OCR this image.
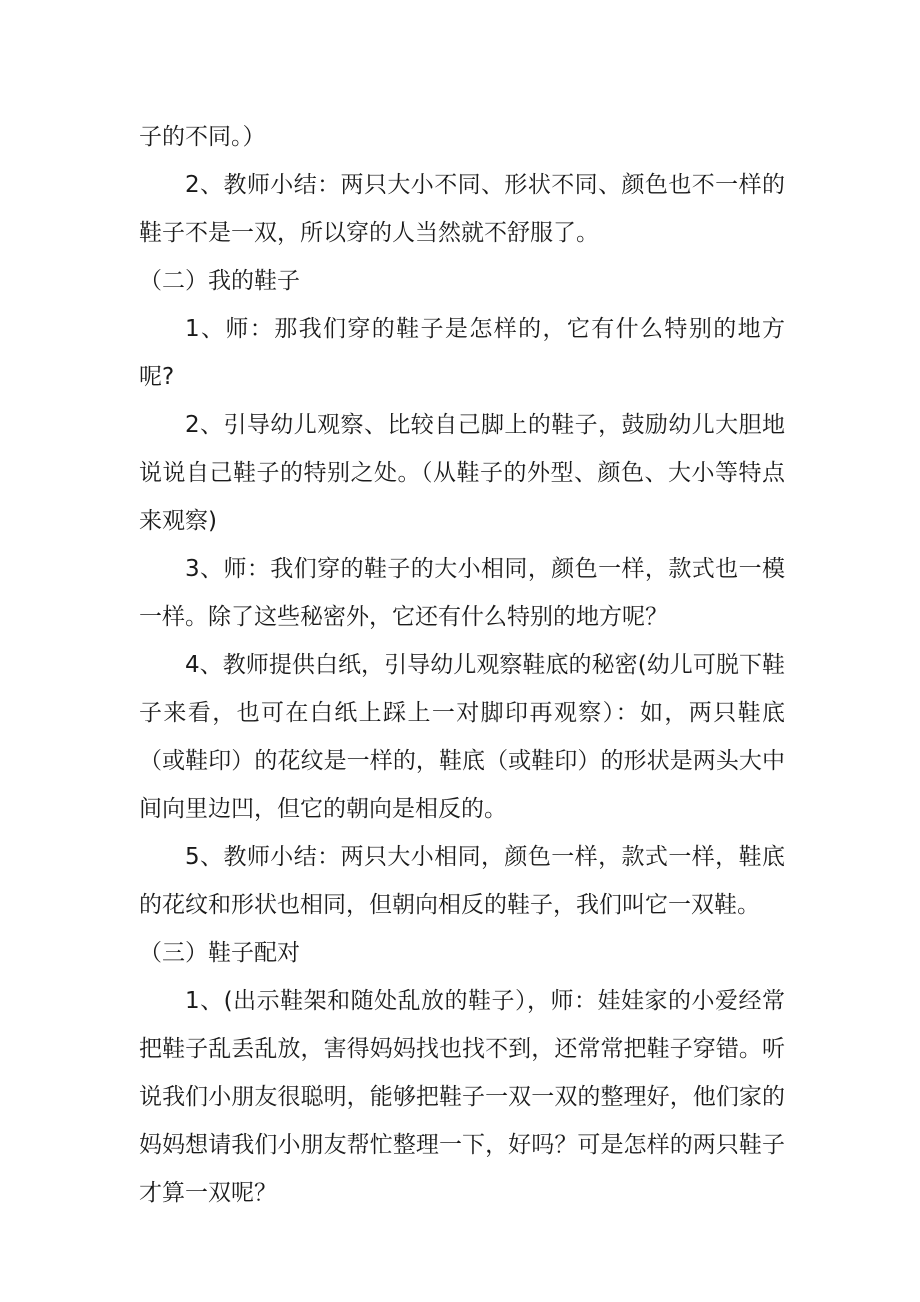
子的不同。）

2、教师小结：两只大小不同、形状不同、颜色也不一样的鞋子不是一双，所以穿的人当然就不舒服了。

（二）我的鞋子

1、师：那我们穿的鞋子是怎样的，它有什么特别的地方呢?

2、引导幼儿观察、比较自己脚上的鞋子，鼓励幼儿大胆地说说自己鞋子的特别之处。（从鞋子的外型、颜色、大小等特点来观察)

3、师：我们穿的鞋子的大小相同，颜色一样，款式也一模一样。除了这些秘密外，它还有什么特别的地方呢？

4、教师提供白纸，引导幼儿观察鞋底的秘密(幼儿可脱下鞋子来看，也可在白纸上踩上一对脚印再观察）：如，两只鞋底（或鞋印）的花纹是一样的，鞋底（或鞋印）的形状是两头大中间向里边凹，但它的朝向是相反的。

5、教师小结：两只大小相同，颜色一样，款式一样，鞋底的花纹和形状也相同，但朝向相反的鞋子，我们叫它一双鞋。

（三）鞋子配对

1、(出示鞋架和随处乱放的鞋子），师：娃娃家的小爱经常把鞋子乱丢乱放，害得妈妈找也找不到，还常常把鞋子穿错。听说我们小朋友很聪明，能够把鞋子一双一双的整理好，他们家的妈妈想请我们小朋友帮忙整理一下，好吗？可是怎样的两只鞋子才算一双呢？
